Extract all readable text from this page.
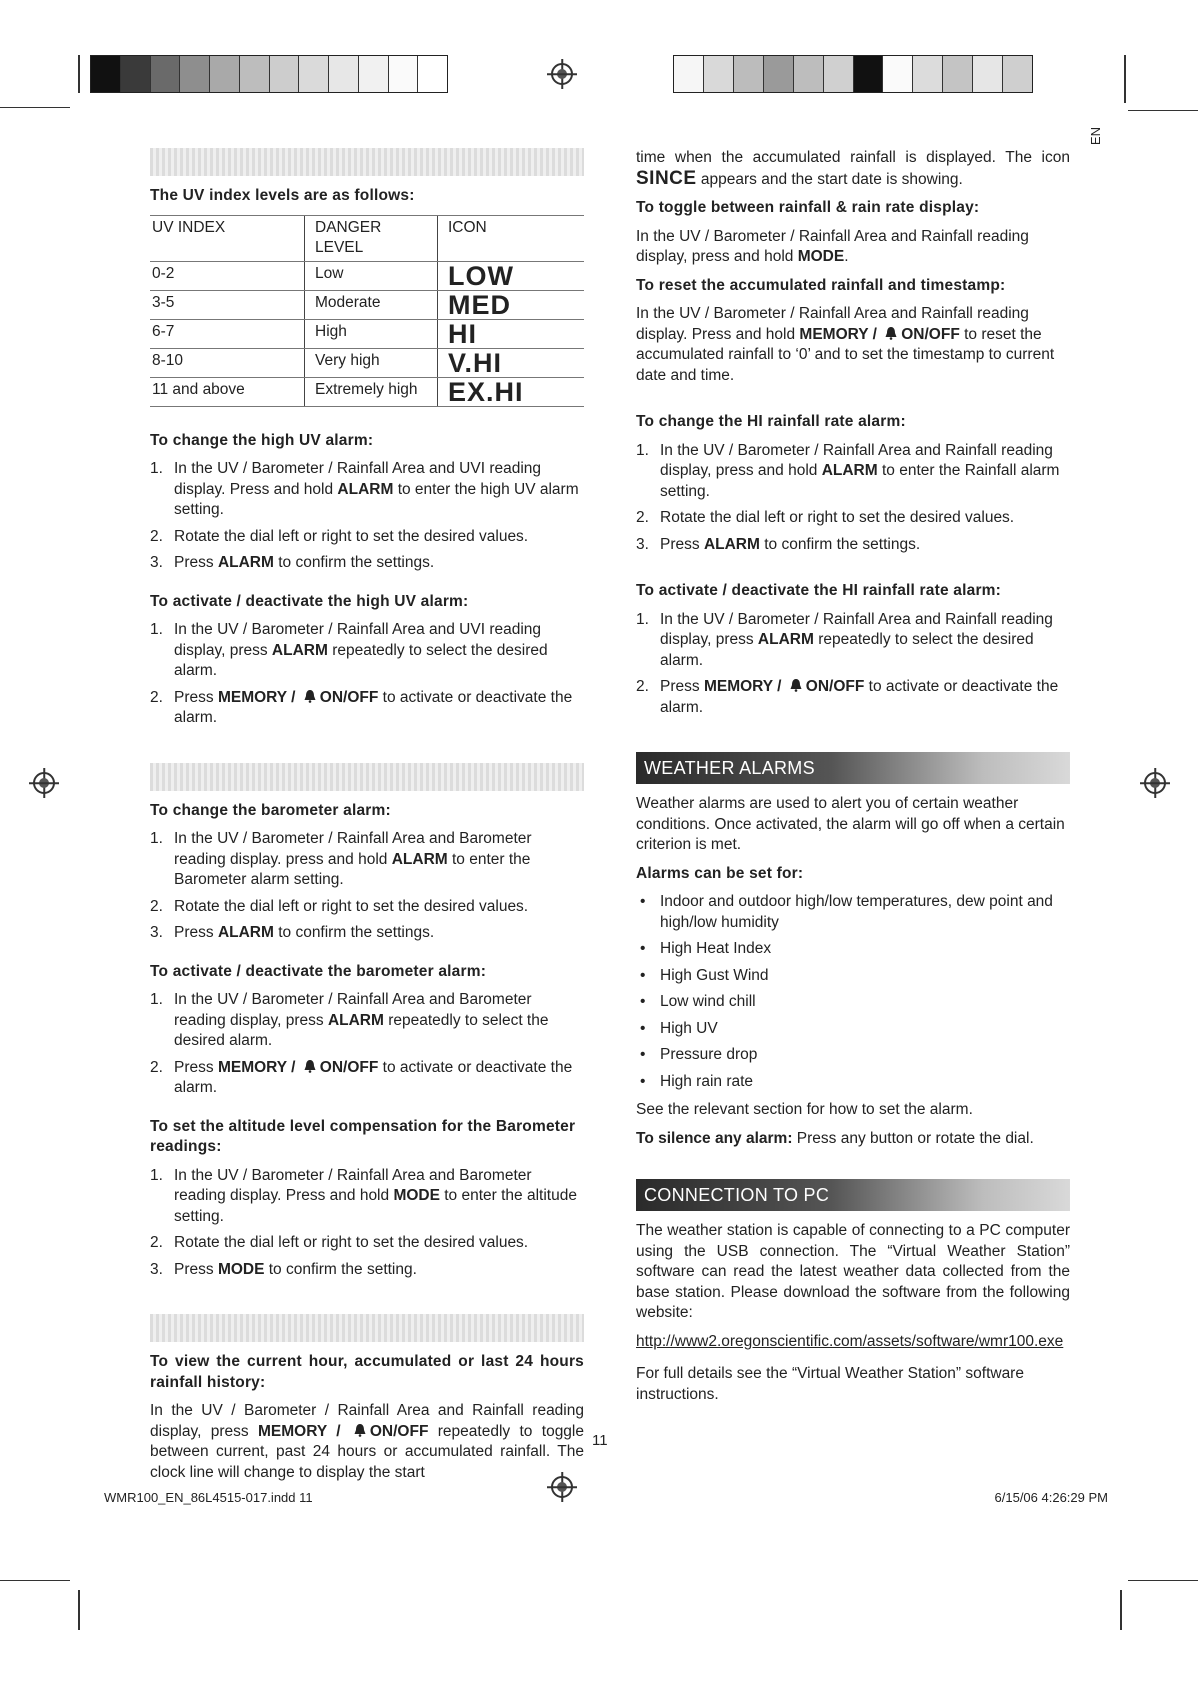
EN

The UV index levels are as follows:

UV INDEX	DANGER LEVEL	ICON
0-2	Low	LOW
3-5	Moderate	MED
6-7	High	HI
8-10	Very high	V.HI
11 and above	Extremely high	EX.HI

To change the high UV alarm:

1. In the UV / Barometer / Rainfall Area and UVI reading display. Press and hold ALARM to enter the high UV alarm setting.
2. Rotate the dial left or right to set the desired values.
3. Press ALARM to confirm the settings.

To activate / deactivate the high UV alarm:

1. In the UV / Barometer / Rainfall Area and UVI reading display, press ALARM repeatedly to select the desired alarm.
2. Press MEMORY / ON/OFF to activate or deactivate the alarm.

To change the barometer alarm:

1. In the UV / Barometer / Rainfall Area and Barometer reading display. press and hold ALARM to enter the Barometer alarm setting.
2. Rotate the dial left or right to set the desired values.
3. Press ALARM to confirm the settings.

To activate / deactivate the barometer alarm:

1. In the UV / Barometer / Rainfall Area and Barometer reading display, press ALARM repeatedly to select the desired alarm.
2. Press MEMORY / ON/OFF to activate or deactivate the alarm.

To set the altitude level compensation for the Barometer readings:

1. In the UV / Barometer / Rainfall Area and Barometer reading display. Press and hold MODE to enter the altitude setting.
2. Rotate the dial left or right to set the desired values.
3. Press MODE to confirm the setting.

To view the current hour, accumulated or last 24 hours rainfall history:

In the UV / Barometer / Rainfall Area and Rainfall reading display, press MEMORY / ON/OFF repeatedly to toggle between current, past 24 hours or accumulated rainfall. The clock line will change to display the start

time when the accumulated rainfall is displayed. The icon SINCE appears and the start date is showing.

To toggle between rainfall & rain rate display:

In the UV / Barometer / Rainfall Area and Rainfall reading display, press and hold MODE.

To reset the accumulated rainfall and timestamp:

In the UV / Barometer / Rainfall Area and Rainfall reading display. Press and hold MEMORY / ON/OFF to reset the accumulated rainfall to ‘0’ and to set the timestamp to current date and time.

To change the HI rainfall rate alarm:

1. In the UV / Barometer / Rainfall Area and Rainfall reading display, press and hold ALARM to enter the Rainfall alarm setting.
2. Rotate the dial left or right to set the desired values.
3. Press ALARM to confirm the settings.

To activate / deactivate the HI rainfall rate alarm:

1. In the UV / Barometer / Rainfall Area and Rainfall reading display, press ALARM repeatedly to select the desired alarm.
2. Press MEMORY / ON/OFF to activate or deactivate the alarm.
WEATHER ALARMS

Weather alarms are used to alert you of certain weather conditions. Once activated, the alarm will go off when a certain criterion is met.

Alarms can be set for:

• Indoor and outdoor high/low temperatures, dew point and high/low humidity
• High Heat Index
• High Gust Wind
• Low wind chill
• High UV
• Pressure drop
• High rain rate

See the relevant section for how to set the alarm.

To silence any alarm: Press any button or rotate the dial.

CONNECTION TO PC

The weather station is capable of connecting to a PC computer using the USB connection. The “Virtual Weather Station” software can read the latest weather data collected from the base station. Please download the software from the following website:

http://www2.oregonscientific.com/assets/software/wmr100.exe

For full details see the “Virtual Weather Station” software instructions.

11
WMR100_EN_86L4515-017.indd 11	6/15/06 4:26:29 PM
